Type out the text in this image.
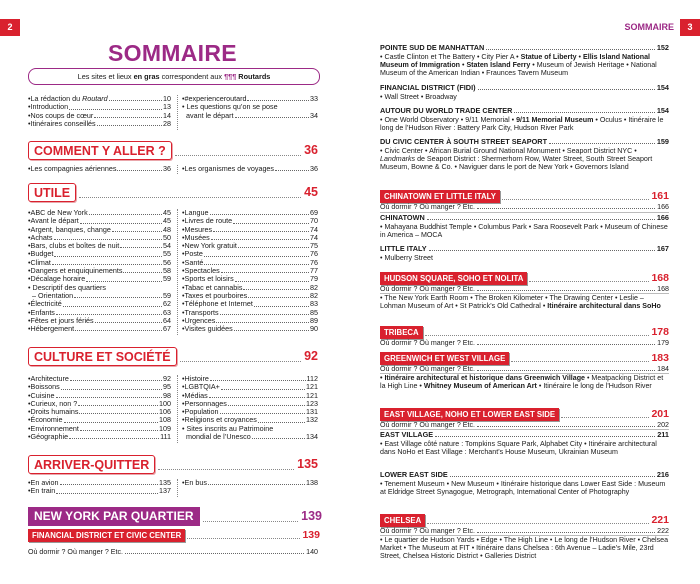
2
SOMMAIRE
Les sites et lieux en gras correspondent aux ¶¶¶ Routards
• La rédaction du Routard	10
• Introduction	13
• Nos coups de cœur	14
• Itinéraires conseillés	28
• #experienceroutard	33
• Les questions qu’on se pose

avant le départ	34
COMMENT Y ALLER ?	36
• Les compagnies aériennes	36 • Les organismes de voyages	36
UTILE	45
• ABC de New York	45
• Avant le départ	45
• Argent, banques, change	48
• Achats	50
• Bars, clubs et boîtes de nuit	54
• Budget	55
• Climat	56
• Dangers et enquiquinements	58
• Décalage horaire	59
• Descriptif des quartiers

– Orientation	59
• Électricité	62
• Enfants	63
• Fêtes et jours fériés	64
• Hébergement	67
• Langue	69
• Livres de route	70
• Mesures	74
• Musées	74
• New York gratuit	75
• Poste	76
• Santé	76
• Spectacles	77
• Sports et loisirs	79
• Tabac et cannabis	82
• Taxes et pourboires	82
• Téléphone et Internet	83
• Transports	85
• Urgences	89
• Visites guidées	90
CULTURE ET SOCIÉTÉ	92
• Architecture	92
• Boissons	95
• Cuisine	98
• Curieux, non ?	100
• Droits humains	106
• Économie	108
• Environnement	109
• Géographie	111
• Histoire	112
• LGBTQIA+	121
• Médias	121
• Personnages	123
• Population	131
• Religions et croyances	132
• Sites inscrits au Patrimoine

mondial de l’Unesco	134
ARRIVER-QUITTER	135
• En avion	135
• En train	137
• En bus	138
NEW YORK PAR QUARTIER	139
FINANCIAL DISTRICT ET CIVIC CENTER	139
Où dormir ? Où manger ? Etc.	140
SOMMAIRE	3
POINTE SUD DE MANHATTAN	152
• Castle Clinton et The Battery • City Pier A • Statue of Liberty • Ellis Island National Museum of Immigration • Staten Island Ferry • Museum of Jewish Heritage • National Museum of the American Indian • Fraunces Tavern Museum
FINANCIAL DISTRICT (FIDI)	154
• Wall Street • Broadway
AUTOUR DU WORLD TRADE CENTER	154
• One World Observatory • 9/11 Memorial • 9/11 Memorial Museum • Oculus • Itinéraire le long de l’Hudson River : Battery Park City, Hudson River Park
DU CIVIC CENTER À SOUTH STREET SEAPORT	159
• Civic Center • African Burial Ground National Monument • Seaport District NYC • Landmarks de Seaport District : Shermerhorn Row, Water Street, South Street Seaport Museum, Bowne & Co. • Naviguer dans le port de New York • Governors Island
CHINATOWN ET LITTLE ITALY	161
Où dormir ? Où manger ? Etc.	166
CHINATOWN	166
• Mahayana Buddhist Temple • Columbus Park • Sara Roosevelt Park • Museum of Chinese in America – MOCA
LITTLE ITALY	167
• Mulberry Street
HUDSON SQUARE, SOHO ET NOLITA	168
Où dormir ? Où manger ? Etc.	168
• The New York Earth Room • The Broken Kilometer • The Drawing Center • Leslie – Lohman Museum of Art • St Patrick’s Old Cathedral • Itinéraire architectural dans SoHo
TRIBECA	178
Où dormir ? Où manger ? Etc.	179
GREENWICH ET WEST VILLAGE	183
Où dormir ? Où manger ? Etc.	184
• Itinéraire architectural et historique dans Greenwich Village • Meatpacking District et la High Line • Whitney Museum of American Art • Itinéraire le long de l’Hudson River
EAST VILLAGE, NOHO ET LOWER EAST SIDE	201
Où dormir ? Où manger ? Etc.	202
EAST VILLAGE	211
• East Village côté nature : Tompkins Square Park, Alphabet City • Itinéraire architectural dans NoHo et East Village : Merchant’s House Museum, Ukrainian Museum
LOWER EAST SIDE	216
• Tenement Museum • New Museum • Itinéraire historique dans Lower East Side : Museum at Eldridge Street Synagogue, Metrograph, International Center of Photography
CHELSEA	221
Où dormir ? Où manger ? Etc.	222
• Le quartier de Hudson Yards • Edge • The High Line • Le long de l’Hudson River • Chelsea Market • The Museum at FIT • Itinéraire dans Chelsea : 6th Avenue – Ladie’s Mile, 23rd Street, Chelsea Historic District • Galleries District
